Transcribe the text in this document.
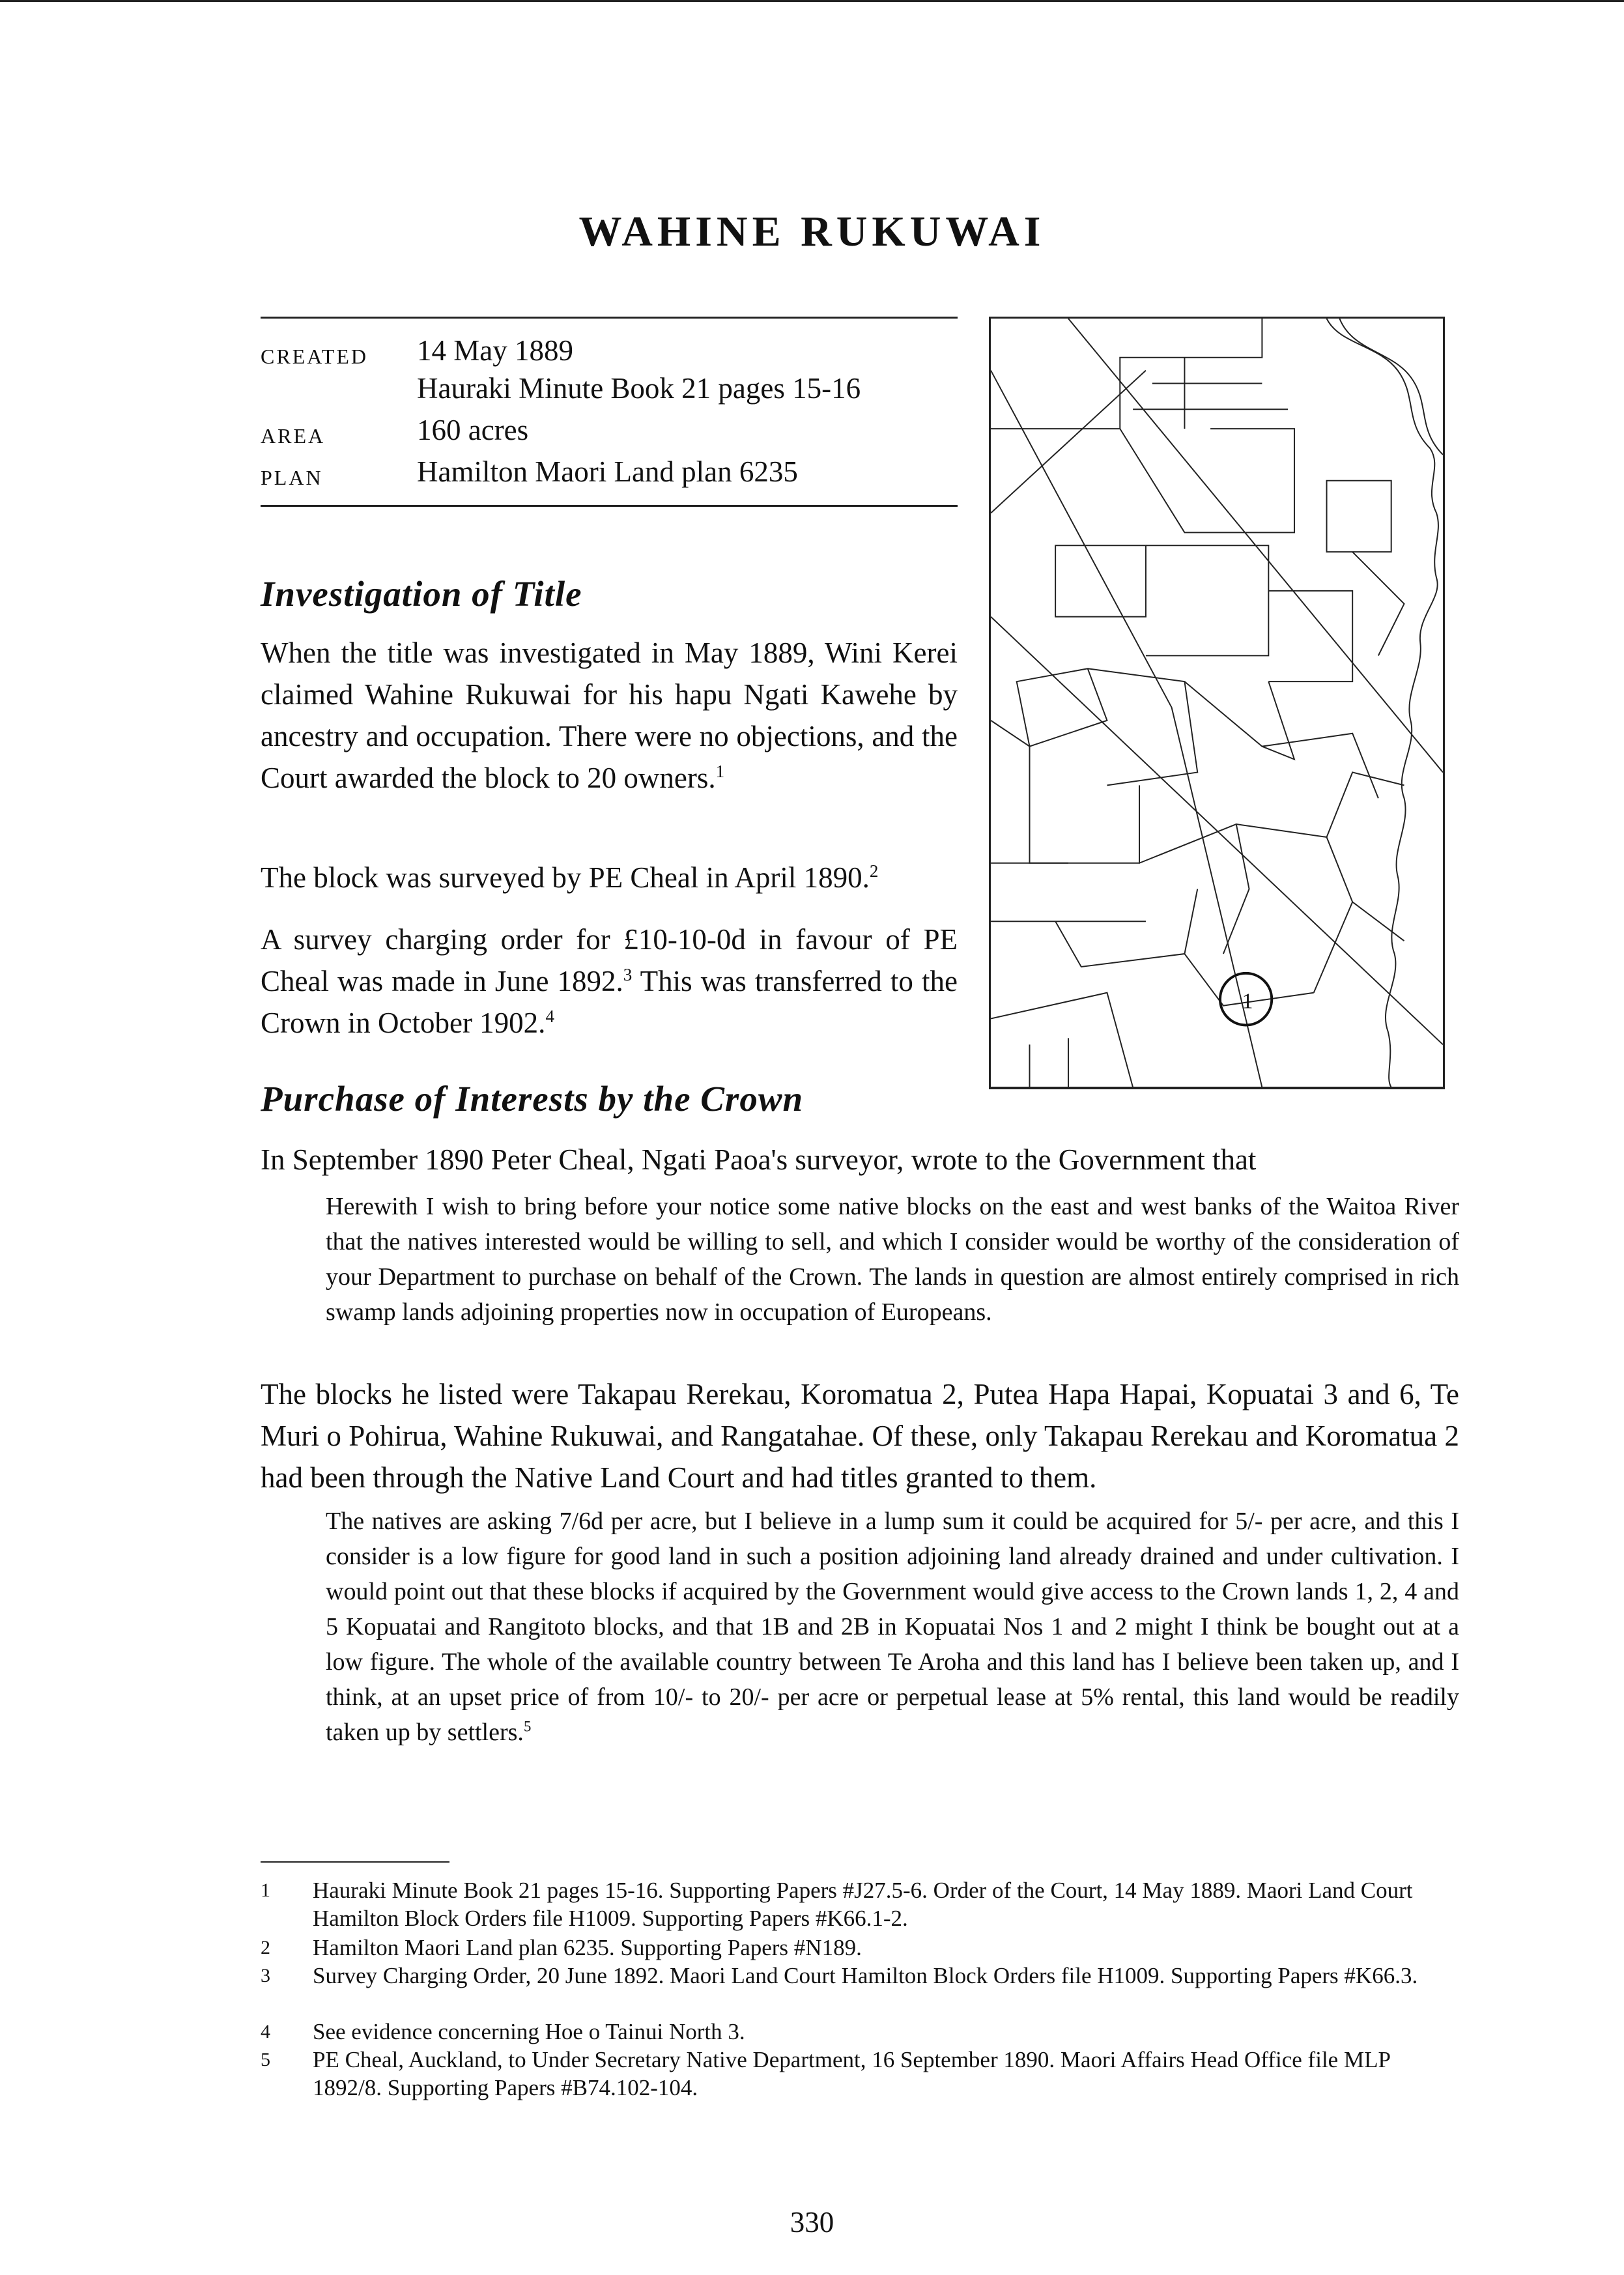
WAHINE RUKUWAI
CREATED	14 May 1889
Hauraki Minute Book 21 pages 15-16
AREA	160 acres
PLAN	Hamilton Maori Land plan 6235
1
Investigation of Title
When the title was investigated in May 1889, Wini Kerei claimed Wahine Rukuwai for his hapu Ngati Kawehe by ancestry and occupation. There were no objections, and the Court awarded the block to 20 owners.$^1$
The block was surveyed by PE Cheal in April 1890.$^2$
A survey charging order for £10-10-0d in favour of PE Cheal was made in June 1892.$^3$ This was transferred to the Crown in October 1902.$^4$
Purchase of Interests by the Crown
In September 1890 Peter Cheal, Ngati Paoa's surveyor, wrote to the Government that
Herewith I wish to bring before your notice some native blocks on the east and west banks of the Waitoa River that the natives interested would be willing to sell, and which I consider would be worthy of the consideration of your Department to purchase on behalf of the Crown. The lands in question are almost entirely comprised in rich swamp lands adjoining properties now in occupation of Europeans.
The blocks he listed were Takapau Rerekau, Koromatua 2, Putea Hapa Hapai, Kopuatai 3 and 6, Te Muri o Pohirua, Wahine Rukuwai, and Rangatahae. Of these, only Takapau Rerekau and Koromatua 2 had been through the Native Land Court and had titles granted to them.
The natives are asking 7/6d per acre, but I believe in a lump sum it could be acquired for 5/- per acre, and this I consider is a low figure for good land in such a position adjoining land already drained and under cultivation. I would point out that these blocks if acquired by the Government would give access to the Crown lands 1, 2, 4 and 5 Kopuatai and Rangitoto blocks, and that 1B and 2B in Kopuatai Nos 1 and 2 might I think be bought out at a low figure. The whole of the available country between Te Aroha and this land has I believe been taken up, and I think, at an upset price of from 10/- to 20/- per acre or perpetual lease at 5% rental, this land would be readily taken up by settlers.$^5$
1	Hauraki Minute Book 21 pages 15-16. Supporting Papers #J27.5-6. Order of the Court, 14 May 1889. Maori Land Court Hamilton Block Orders file H1009. Supporting Papers #K66.1-2.
2	Hamilton Maori Land plan 6235. Supporting Papers #N189.
3	Survey Charging Order, 20 June 1892. Maori Land Court Hamilton Block Orders file H1009. Supporting Papers #K66.3.
4	See evidence concerning Hoe o Tainui North 3.
5	PE Cheal, Auckland, to Under Secretary Native Department, 16 September 1890. Maori Affairs Head Office file MLP 1892/8. Supporting Papers #B74.102-104.
330
